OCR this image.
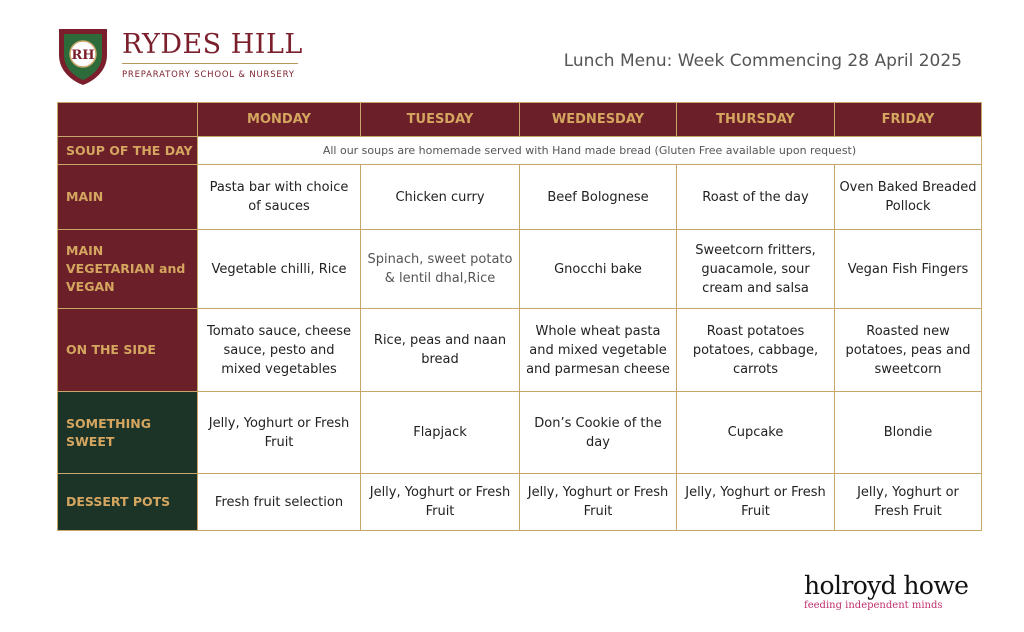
RH RYDES HILL
PREPARATORY SCHOOL & NURSERY
Lunch Menu: Week Commencing 28 April 2025
	MONDAY	TUESDAY	WEDNESDAY	THURSDAY	FRIDAY
SOUP OF THE DAY	All our soups are homemade served with Hand made bread (Gluten Free available upon request)				
MAIN	Pasta bar with choice of sauces	Chicken curry	Beef Bolognese	Roast of the day	Oven Baked Breaded Pollock
MAIN VEGETARIAN and VEGAN	Vegetable chilli, Rice	Spinach, sweet potato & lentil dhal,Rice	Gnocchi bake	Sweetcorn fritters, guacamole, sour cream and salsa	Vegan Fish Fingers
ON THE SIDE	Tomato sauce, cheese sauce, pesto and mixed vegetables	Rice, peas and naan bread	Whole wheat pasta and mixed vegetable and parmesan cheese	Roast potatoes potatoes, cabbage, carrots	Roasted new potatoes, peas and sweetcorn
SOMETHING SWEET	Jelly, Yoghurt or Fresh Fruit	Flapjack	Don’s Cookie of the day	Cupcake	Blondie
DESSERT POTS	Fresh fruit selection	Jelly, Yoghurt or Fresh Fruit	Jelly, Yoghurt or Fresh Fruit	Jelly, Yoghurt or Fresh Fruit	Jelly, Yoghurt or Fresh Fruit
holroyd howe
feeding independent minds
